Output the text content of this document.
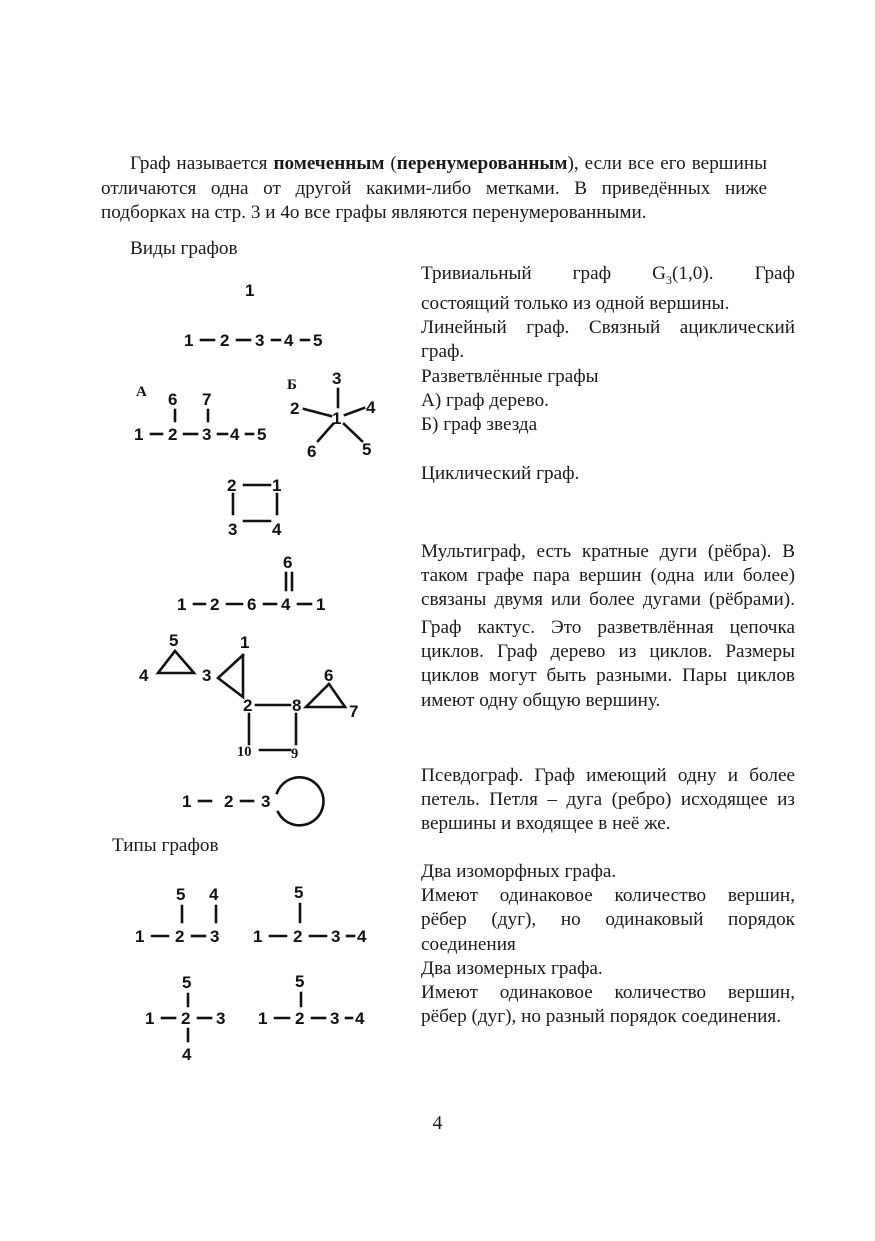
Граф называется помеченным (перенумерованным), если все его вершины отличаются одна от другой какими-либо метками. В приведённых ниже подборках на стр. 3 и 4о все графы являются перенумерованными.

Виды графов
Типы графов
Тривиальный граф $G_3(1,0)$. Граф
состоящий только из одной вершины.
Линейный граф. Связный ациклический
граф.
Разветвлённые графы
А) граф дерево.
Б) граф звезда
Циклический граф.
Мультиграф, есть кратные дуги (рёбра). В
таком графе пара вершин (одна или более)
связаны двумя или более дугами (рёбрами).
Граф кактус. Это разветвлённая цепочка
циклов. Граф дерево из циклов. Размеры
циклов могут быть разными. Пары циклов
имеют одну общую вершину.
Псевдограф. Граф имеющий одну и более
петель. Петля – дуга (ребро) исходящее из
вершины и входящее в неё же.
Два изоморфных графа.
Имеют одинаковое количество вершин,
рёбер (дуг), но одинаковый порядок
соединения
Два изомерных графа.
Имеют одинаковое количество вершин,
рёбер (дуг), но разный порядок соединения.
1
1 2 3 4 5
А 6 7
1 2 3 4 5
Б 3
2
1
4
6	5
2 1
3 4
6
1 2 6 4 1
5
4	3
1
2 8
10	9
6
7
1 2 3
5 4
1 2 3
5
1 2 3 4
5
1 2 3
4
5
1 2 3 4
4
